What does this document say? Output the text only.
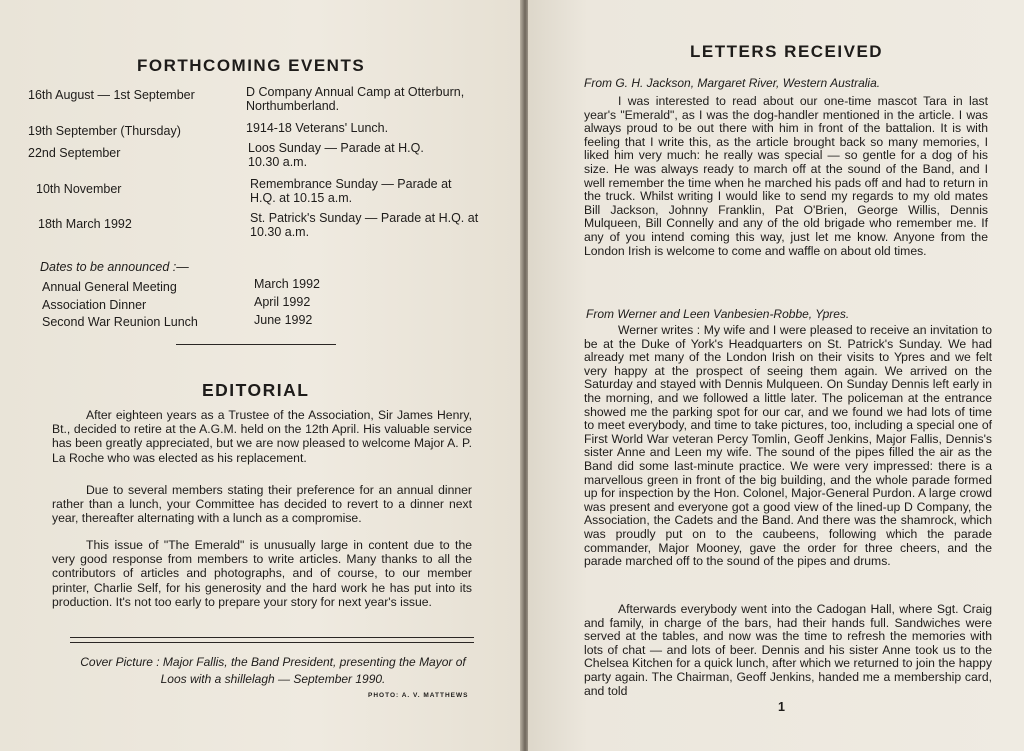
FORTHCOMING EVENTS
16th August — 1st September	D Company Annual Camp at Otterburn, Northumberland.
19th September (Thursday)	1914-18 Veterans' Lunch.
22nd September	Loos Sunday — Parade at H.Q. 10.30 a.m.
10th November	Remembrance Sunday — Parade at H.Q. at 10.15 a.m.
18th March 1992	St. Patrick's Sunday — Parade at H.Q. at 10.30 a.m.
Dates to be announced :—
Annual General Meeting	March 1992
Association Dinner	April 1992
Second War Reunion Lunch	June 1992
EDITORIAL

After eighteen years as a Trustee of the Association, Sir James Henry, Bt., decided to retire at the A.G.M. held on the 12th April. His valuable service has been greatly appreciated, but we are now pleased to welcome Major A. P. La Roche who was elected as his replacement.

Due to several members stating their preference for an annual dinner rather than a lunch, your Committee has decided to revert to a dinner next year, thereafter alternating with a lunch as a compromise.

This issue of "The Emerald" is unusually large in content due to the very good response from members to write articles. Many thanks to all the contributors of articles and photographs, and of course, to our member printer, Charlie Self, for his generosity and the hard work he has put into its production. It's not too early to prepare your story for next year's issue.

Cover Picture : Major Fallis, the Band President, presenting the Mayor of Loos with a shillelagh — September 1990.
PHOTO: A. V. MATTHEWS
LETTERS RECEIVED
From G. H. Jackson, Margaret River, Western Australia.

I was interested to read about our one-time mascot Tara in last year's "Emerald", as I was the dog-handler mentioned in the article. I was always proud to be out there with him in front of the battalion. It is with feeling that I write this, as the article brought back so many memories, I liked him very much: he really was special — so gentle for a dog of his size. He was always ready to march off at the sound of the Band, and I well remember the time when he marched his pads off and had to return in the truck. Whilst writing I would like to send my regards to my old mates Bill Jackson, Johnny Franklin, Pat O'Brien, George Willis, Dennis Mulqueen, Bill Connelly and any of the old brigade who remember me. If any of you intend coming this way, just let me know. Anyone from the London Irish is welcome to come and waffle on about old times.

From Werner and Leen Vanbesien-Robbe, Ypres.

Werner writes : My wife and I were pleased to receive an invitation to be at the Duke of York's Headquarters on St. Patrick's Sunday. We had already met many of the London Irish on their visits to Ypres and we felt very happy at the prospect of seeing them again. We arrived on the Saturday and stayed with Dennis Mulqueen. On Sunday Dennis left early in the morning, and we followed a little later. The policeman at the entrance showed me the parking spot for our car, and we found we had lots of time to meet everybody, and time to take pictures, too, including a special one of First World War veteran Percy Tomlin, Geoff Jenkins, Major Fallis, Dennis's sister Anne and Leen my wife. The sound of the pipes filled the air as the Band did some last-minute practice. We were very impressed: there is a marvellous green in front of the big building, and the whole parade formed up for inspection by the Hon. Colonel, Major-General Purdon. A large crowd was present and everyone got a good view of the lined-up D Company, the Association, the Cadets and the Band. And there was the shamrock, which was proudly put on to the caubeens, following which the parade commander, Major Mooney, gave the order for three cheers, and the parade marched off to the sound of the pipes and drums.

Afterwards everybody went into the Cadogan Hall, where Sgt. Craig and family, in charge of the bars, had their hands full. Sandwiches were served at the tables, and now was the time to refresh the memories with lots of chat — and lots of beer. Dennis and his sister Anne took us to the Chelsea Kitchen for a quick lunch, after which we returned to join the happy party again. The Chairman, Geoff Jenkins, handed me a membership card, and told

1
